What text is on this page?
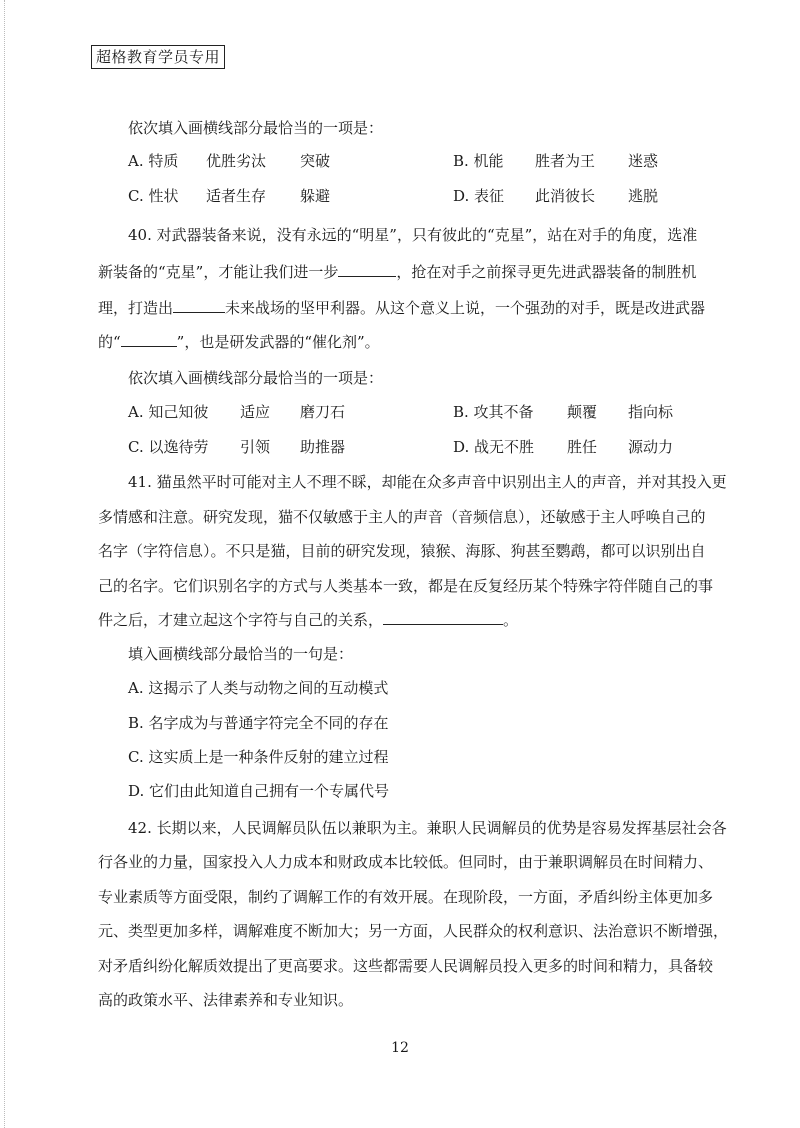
超格教育学员专用
依次填入画横线部分最恰当的一项是：
A. 特质 优胜劣汰 突破	B. 机能 胜者为王 迷惑
C. 性状 适者生存 躲避	D. 表征 此消彼长 逃脱
40. 对武器装备来说，没有永远的“明星”，只有彼此的“克星”，站在对手的角度，选准
新装备的“克星”，才能让我们进一步	，抢在对手之前探寻更先进武器装备的制胜机
理，打造出	未来战场的坚甲利器。从这个意义上说，一个强劲的对手，既是改进武器
的“	”，也是研发武器的“催化剂”。
依次填入画横线部分最恰当的一项是：
A. 知己知彼 适应 磨刀石	B. 攻其不备 颠覆 指向标
C. 以逸待劳 引领 助推器	D. 战无不胜 胜任 源动力
41. 猫虽然平时可能对主人不理不睬，却能在众多声音中识别出主人的声音，并对其投入更
多情感和注意。研究发现，猫不仅敏感于主人的声音（音频信息），还敏感于主人呼唤自己的
名字（字符信息）。不只是猫，目前的研究发现，猿猴、海豚、狗甚至鹦鹉，都可以识别出自
己的名字。它们识别名字的方式与人类基本一致，都是在反复经历某个特殊字符伴随自己的事
件之后，才建立起这个字符与自己的关系，	。
填入画横线部分最恰当的一句是：
A. 这揭示了人类与动物之间的互动模式
B. 名字成为与普通字符完全不同的存在
C. 这实质上是一种条件反射的建立过程
D. 它们由此知道自己拥有一个专属代号
42. 长期以来，人民调解员队伍以兼职为主。兼职人民调解员的优势是容易发挥基层社会各
行各业的力量，国家投入人力成本和财政成本比较低。但同时，由于兼职调解员在时间精力、
专业素质等方面受限，制约了调解工作的有效开展。在现阶段，一方面，矛盾纠纷主体更加多
元、类型更加多样，调解难度不断加大；另一方面，人民群众的权利意识、法治意识不断增强，
对矛盾纠纷化解质效提出了更高要求。这些都需要人民调解员投入更多的时间和精力，具备较
高的政策水平、法律素养和专业知识。
12
